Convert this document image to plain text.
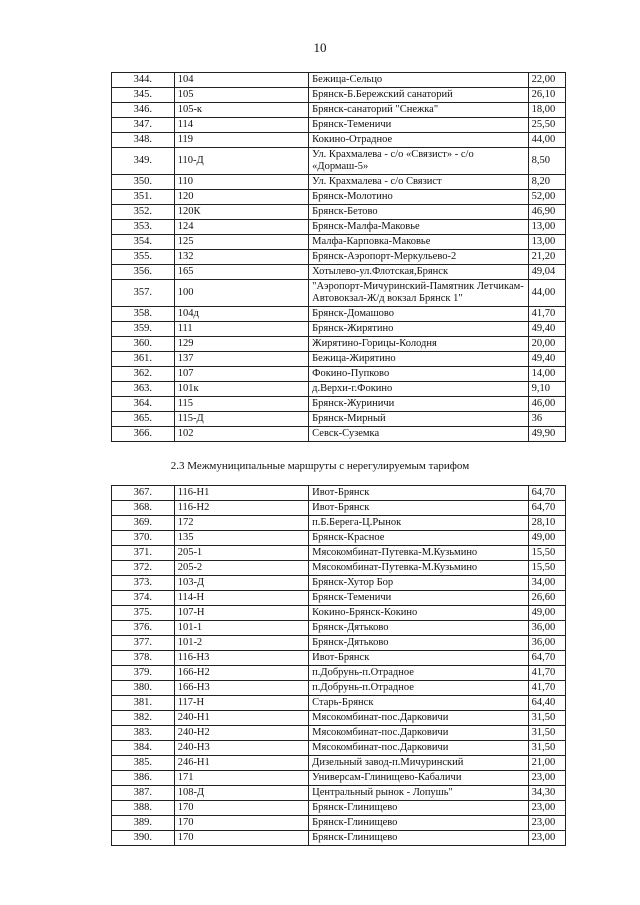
10
344.	104	Бежица-Сельцо	22,00
345.	105	Брянск-Б.Бережский санаторий	26,10
346.	105-к	Брянск-санаторий "Снежка"	18,00
347.	114	Брянск-Теменичи	25,50
348.	119	Кокино-Отрадное	44,00
349.	110-Д	Ул. Крахмалева - с/о «Связист» - с/о «Дормаш-5»	8,50
350.	110	Ул. Крахмалева - с/о Связист	8,20
351.	120	Брянск-Молотино	52,00
352.	120К	Брянск-Бетово	46,90
353.	124	Брянск-Малфа-Маковье	13,00
354.	125	Малфа-Карповка-Маковье	13,00
355.	132	Брянск-Аэропорт-Меркульево-2	21,20
356.	165	Хотылево-ул.Флотская,Брянск	49,04
357.	100	"Аэропорт-Мичуринский-Памятник Летчикам-Автовокзал-Ж/д вокзал Брянск 1"	44,00
358.	104д	Брянск-Домашово	41,70
359.	111	Брянск-Жирятино	49,40
360.	129	Жирятино-Горицы-Колодня	20,00
361.	137	Бежица-Жирятино	49,40
362.	107	Фокино-Пупково	14,00
363.	101к	д.Верхи-г.Фокино	9,10
364.	115	Брянск-Журиничи	46,00
365.	115-Д	Брянск-Мирный	36
366.	102	Севск-Суземка	49,90
2.3 Межмуниципальные маршруты с нерегулируемым тарифом
367.	116-Н1	Ивот-Брянск	64,70
368.	116-Н2	Ивот-Брянск	64,70
369.	172	п.Б.Берега-Ц.Рынок	28,10
370.	135	Брянск-Красное	49,00
371.	205-1	Мясокомбинат-Путевка-М.Кузьмино	15,50
372.	205-2	Мясокомбинат-Путевка-М.Кузьмино	15,50
373.	103-Д	Брянск-Хутор Бор	34,00
374.	114-Н	Брянск-Теменичи	26,60
375.	107-Н	Кокино-Брянск-Кокино	49,00
376.	101-1	Брянск-Дятьково	36,00
377.	101-2	Брянск-Дятьково	36,00
378.	116-Н3	Ивот-Брянск	64,70
379.	166-Н2	п.Добрунь-п.Отрадное	41,70
380.	166-Н3	п.Добрунь-п.Отрадное	41,70
381.	117-Н	Старь-Брянск	64,40
382.	240-Н1	Мясокомбинат-пос.Дарковичи	31,50
383.	240-Н2	Мясокомбинат-пос.Дарковичи	31,50
384.	240-Н3	Мясокомбинат-пос.Дарковичи	31,50
385.	246-Н1	Дизельный завод-п.Мичуринский	21,00
386.	171	Универсам-Глинищево-Кабаличи	23,00
387.	108-Д	Центральный рынок - Лопушь"	34,30
388.	170	Брянск-Глинищево	23,00
389.	170	Брянск-Глинищево	23,00
390.	170	Брянск-Глинищево	23,00
